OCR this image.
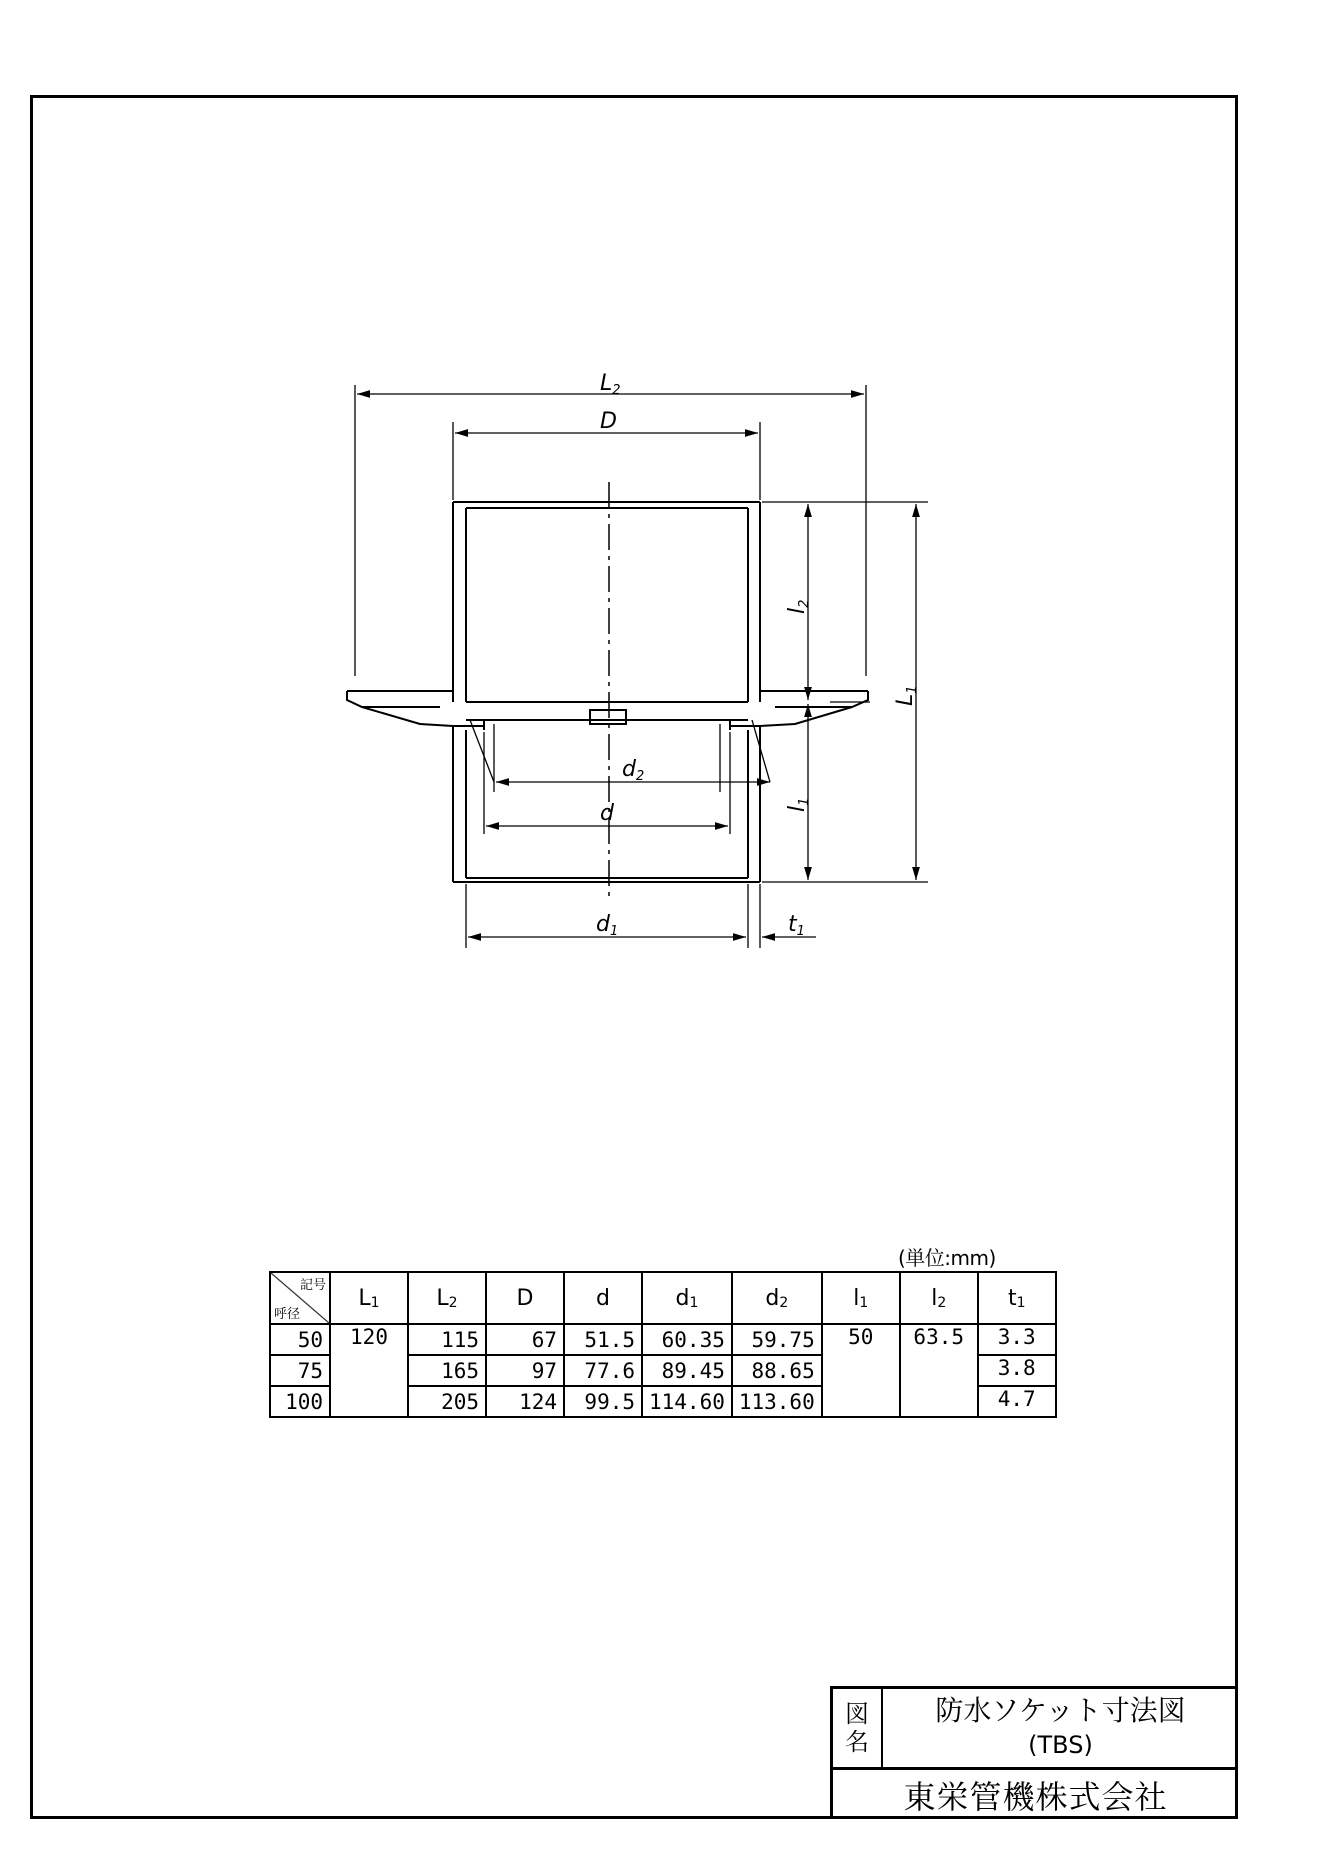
L2
D
l2
L1
l1
d2
d
d1	t1
(単位:mm)
記号
呼径	L1	L2	D	d	d1	d2	l1	l2	t1
50	120	115	67	51.5	60.35	59.75	50	63.5	3.3
75		165	97	77.6	89.45	88.65			3.8
100		205	124	99.5	114.60	113.60			4.7
図
名
防水ソケット寸法図
(TBS)
東栄管機株式会社
